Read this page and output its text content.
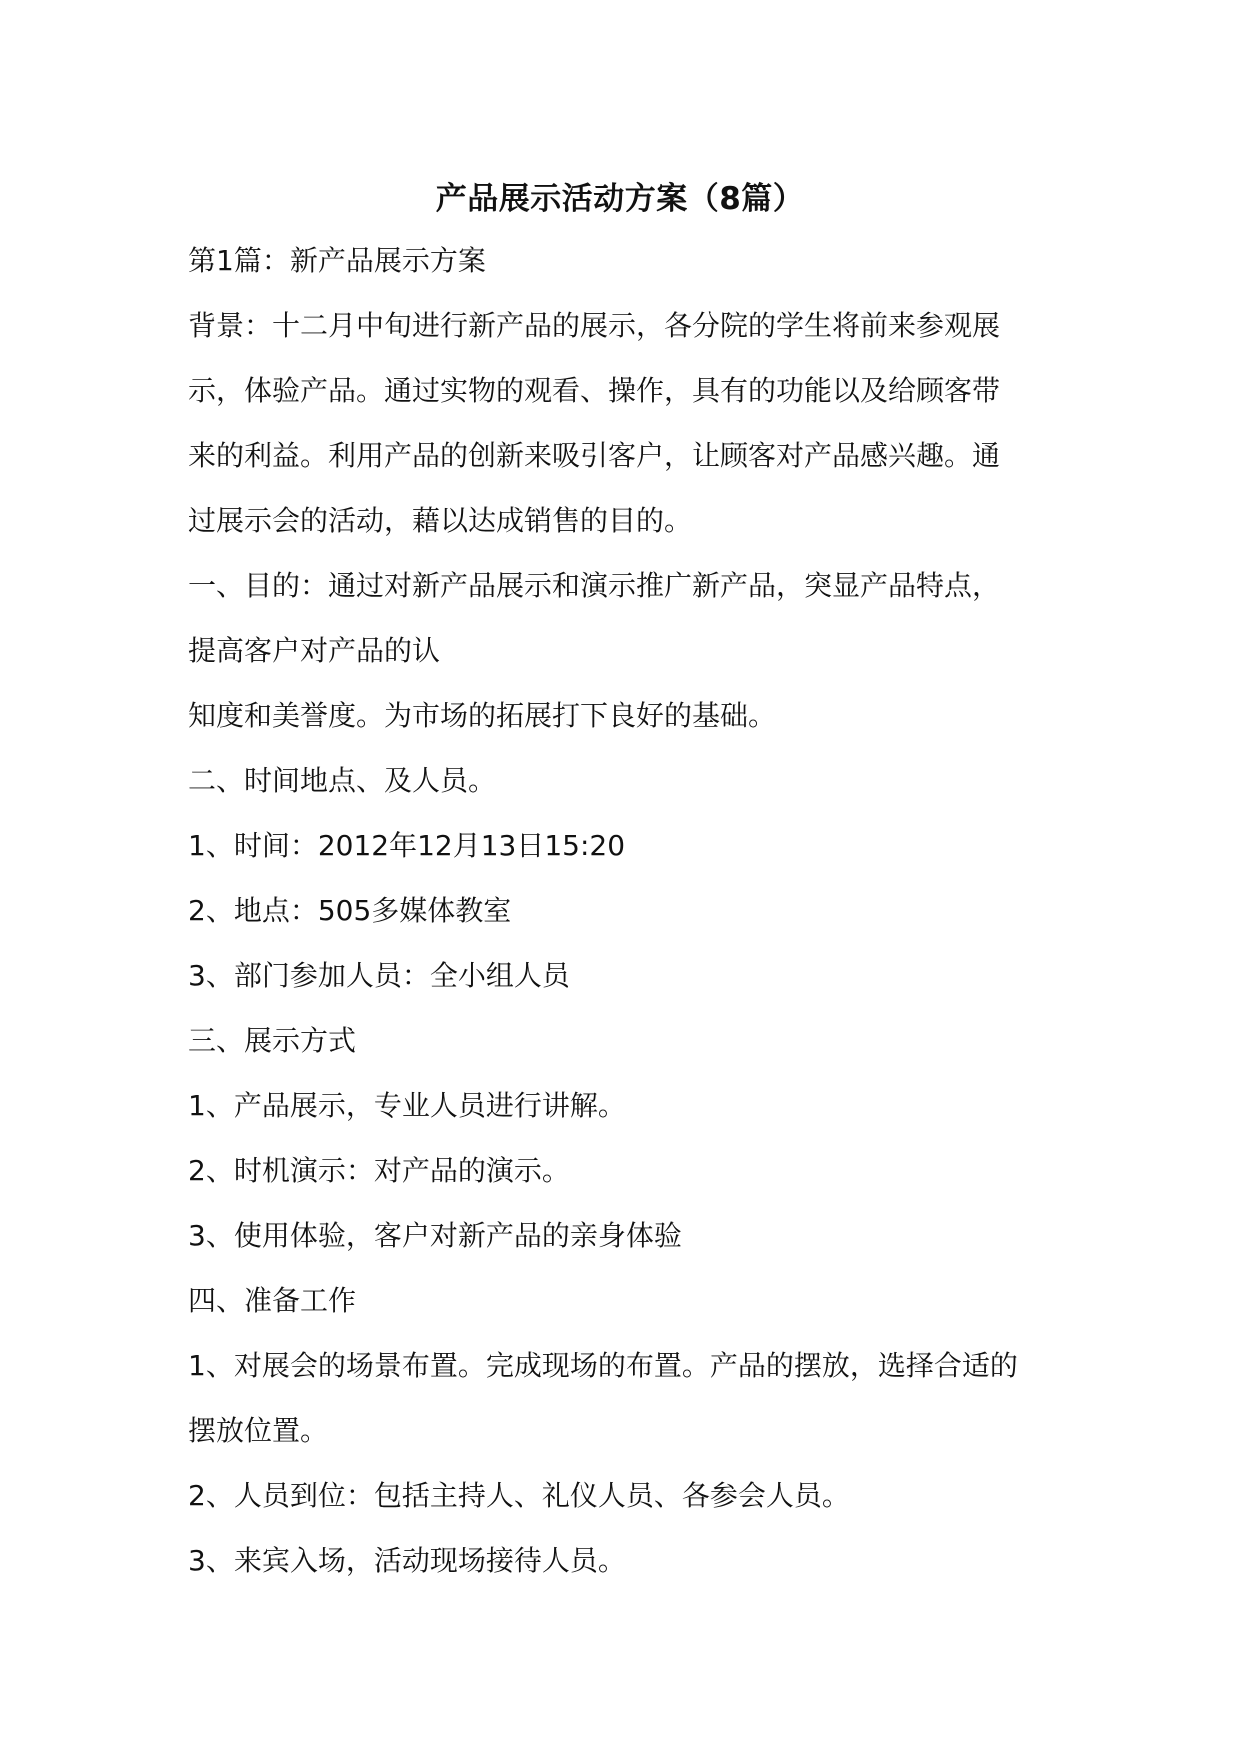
产品展示活动方案（8篇）
第1篇：新产品展示方案
背景：十二月中旬进行新产品的展示，各分院的学生将前来参观展
示，体验产品。通过实物的观看、操作，具有的功能以及给顾客带
来的利益。利用产品的创新来吸引客户，让顾客对产品感兴趣。通
过展示会的活动，藉以达成销售的目的。
一、目的：通过对新产品展示和演示推广新产品，突显产品特点，
提高客户对产品的认
知度和美誉度。为市场的拓展打下良好的基础。
二、时间地点、及人员。
1、时间：2012年12月13日15:20
2、地点：505多媒体教室
3、部门参加人员：全小组人员
三、展示方式
1、产品展示，专业人员进行讲解。
2、时机演示：对产品的演示。
3、使用体验，客户对新产品的亲身体验
四、准备工作
1、对展会的场景布置。完成现场的布置。产品的摆放，选择合适的
摆放位置。
2、人员到位：包括主持人、礼仪人员、各参会人员。
3、来宾入场，活动现场接待人员。
